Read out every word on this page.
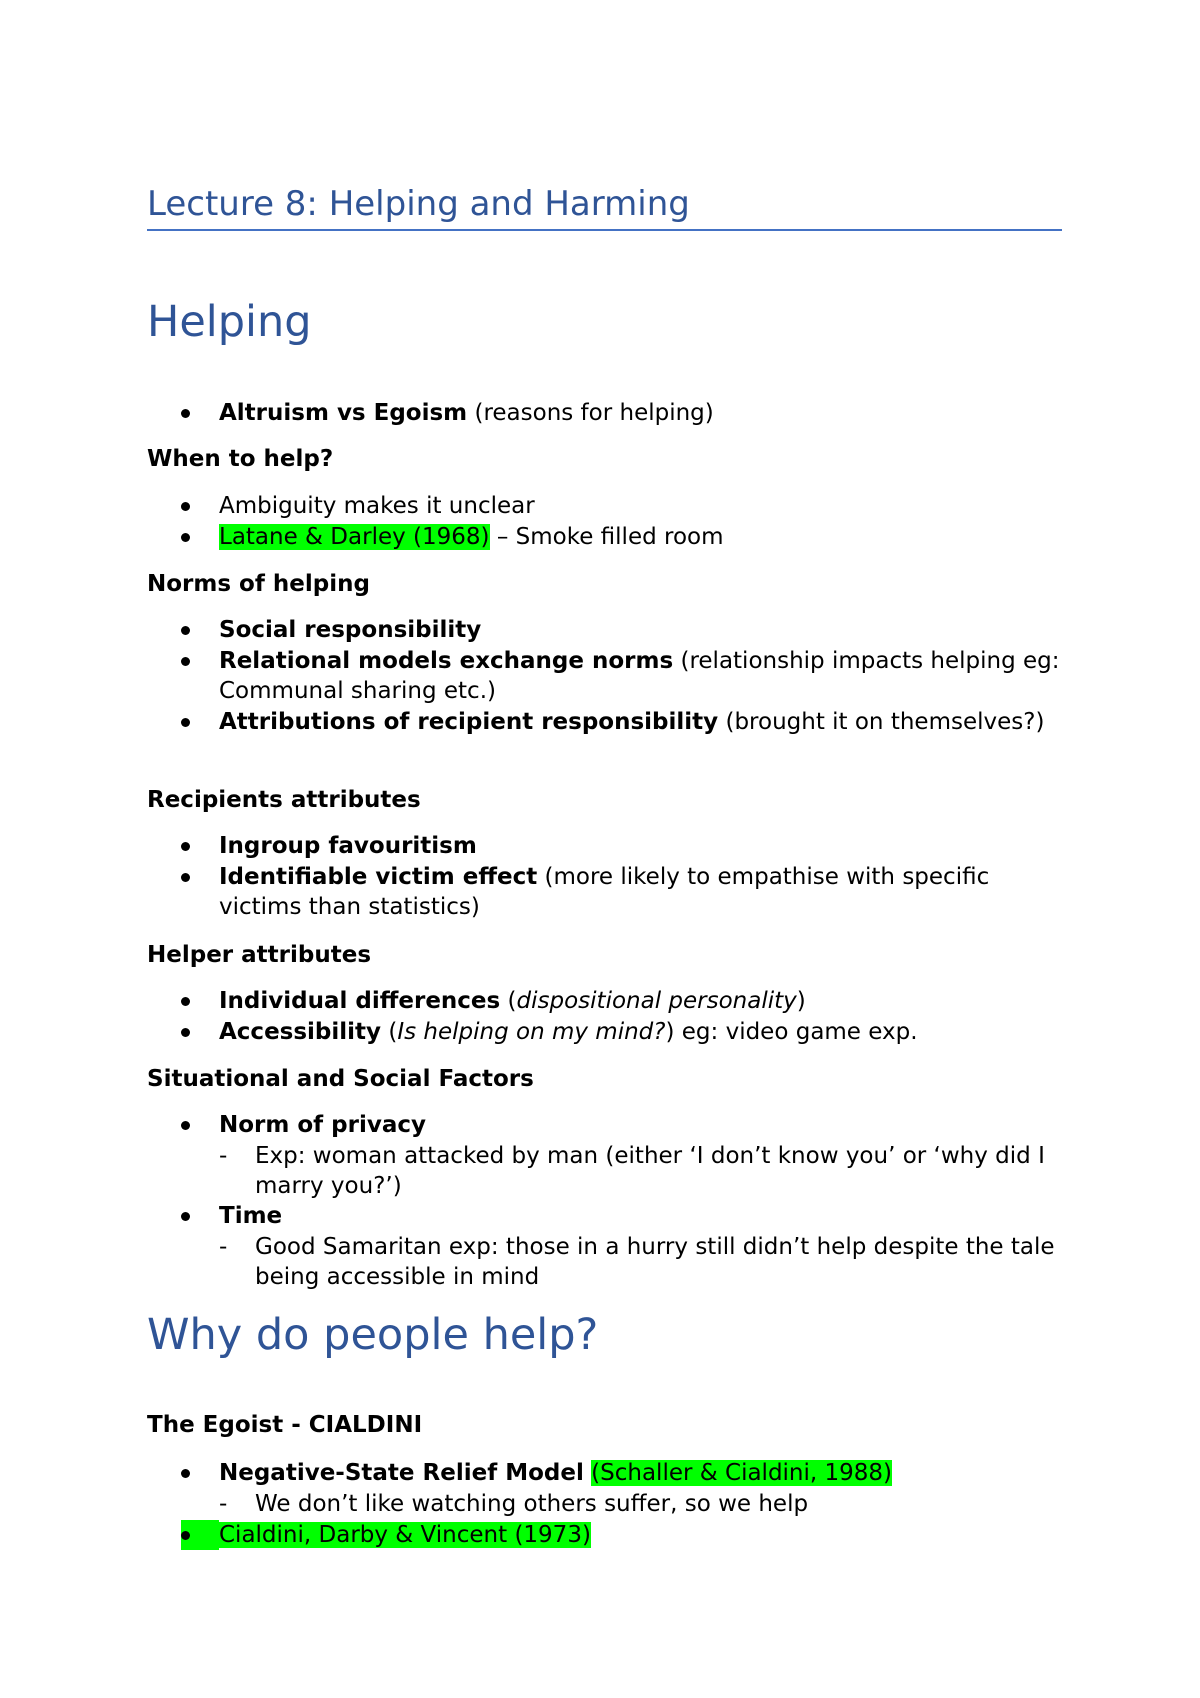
Lecture 8: Helping and Harming
Helping
Altruism vs Egoism (reasons for helping)
When to help?
Ambiguity makes it unclear
Latane & Darley (1968) – Smoke filled room
Norms of helping
Social responsibility
Relational models exchange norms (relationship impacts helping eg: Communal sharing etc.)
Attributions of recipient responsibility (brought it on themselves?)
Recipients attributes
Ingroup favouritism
Identifiable victim effect (more likely to empathise with specific victims than statistics)
Helper attributes
Individual differences (dispositional personality)
Accessibility (Is helping on my mind?) eg: video game exp.
Situational and Social Factors
Norm of privacy
- Exp: woman attacked by man (either ‘I don’t know you’ or ‘why did I marry you?’)
Time
- Good Samaritan exp: those in a hurry still didn’t help despite the tale being accessible in mind
Why do people help?
The Egoist - CIALDINI
Negative-State Relief Model (Schaller & Cialdini, 1988)
- We don’t like watching others suffer, so we help
Cialdini, Darby & Vincent (1973)
